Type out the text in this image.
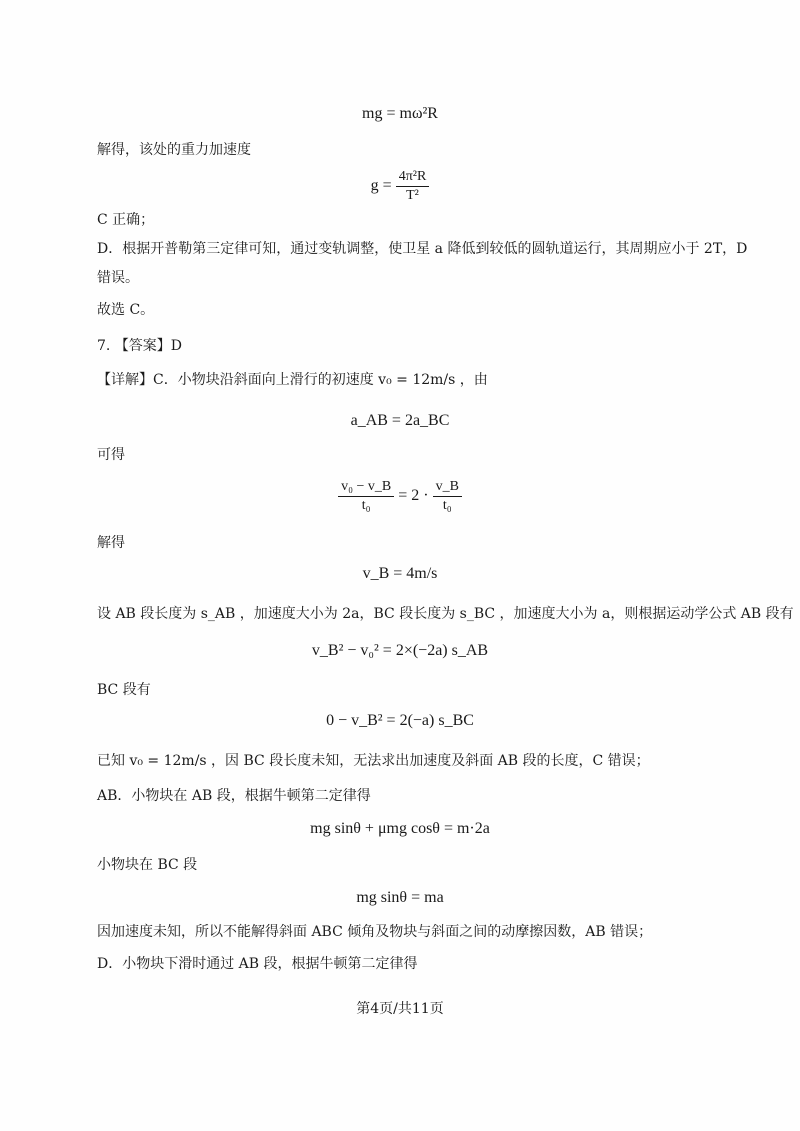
mg = mω²R
解得，该处的重力加速度
$g = \frac{\text{4π²R}}{\text{T²}}$
C 正确；
D．根据开普勒第三定律可知，通过变轨调整，使卫星 a 降低到较低的圆轨道运行，其周期应小于 2T，D
错误。
故选 C。
7. 【答案】D
【详解】C．小物块沿斜面向上滑行的初速度 v₀ = 12m/s ，由
a_AB = 2a_BC
可得
$\frac{\text{v₀ − v\_B}}{\text{t₀}} = 2 \cdot \frac{v\_B}{\text{t₀}}$
解得
v_B = 4m/s
设 AB 段长度为 s_AB ，加速度大小为 2a，BC 段长度为 s_BC ，加速度大小为 a，则根据运动学公式 AB 段有
v_B² − v₀² = 2×(−2a) s_AB
BC 段有
0 − v_B² = 2(−a) s_BC
已知 v₀ = 12m/s ，因 BC 段长度未知，无法求出加速度及斜面 AB 段的长度，C 错误；
AB．小物块在 AB 段，根据牛顿第二定律得
mg sinθ + μmg cosθ = m·2a
小物块在 BC 段
mg sinθ = ma
因加速度未知，所以不能解得斜面 ABC 倾角及物块与斜面之间的动摩擦因数，AB 错误；
D．小物块下滑时通过 AB 段，根据牛顿第二定律得
第4页/共11页
